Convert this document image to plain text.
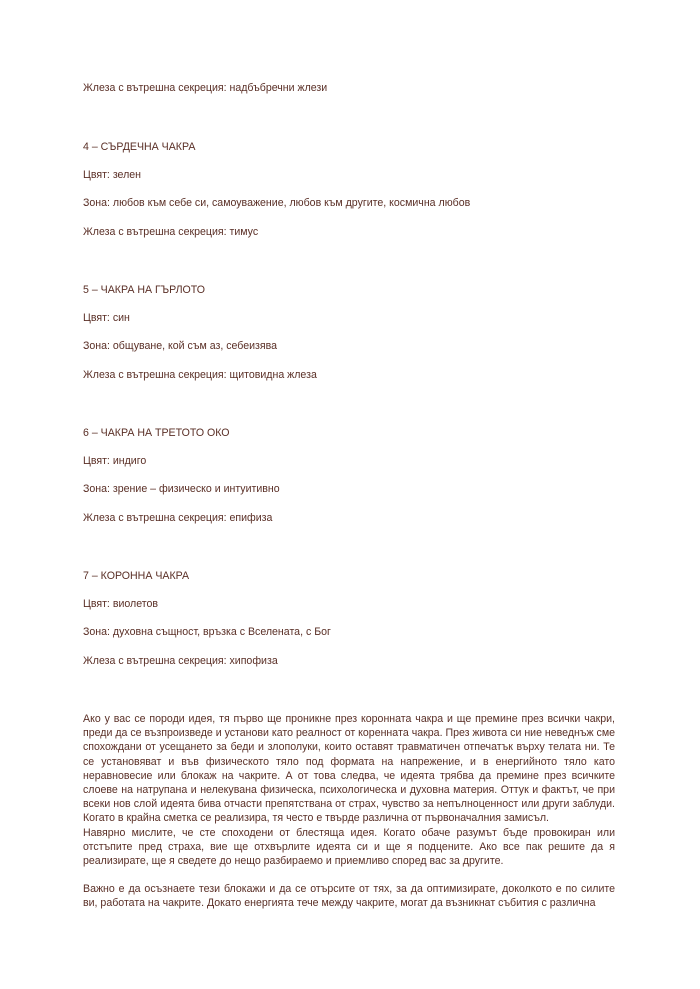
Жлеза с вътрешна секреция: надбъбречни жлези

4 – СЪРДЕЧНА ЧАКРА

Цвят: зелен

Зона: любов към себе си, самоуважение, любов към другите, космична любов

Жлеза с вътрешна секреция: тимус

5 – ЧАКРА НА ГЪРЛОТО

Цвят: син

Зона: общуване, кой съм аз, себеизява

Жлеза с вътрешна секреция: щитовидна жлеза

6 – ЧАКРА НА ТРЕТОТО ОКО

Цвят: индиго

Зона: зрение – физическо и интуитивно

Жлеза с вътрешна секреция: епифиза

7 – КОРОННА ЧАКРА

Цвят: виолетов

Зона: духовна същност, връзка с Вселената, с Бог

Жлеза с вътрешна секреция: хипофиза

Ако у вас се породи идея, тя първо ще проникне през коронната чакра и ще премине през всички чакри, преди да се възпроизведе и установи като реалност от кореннaта чакра. През живота си ние неведнъж сме спохождани от усещането за беди и злополуки, които оставят травматичен отпечатък върху телата ни. Те се установяват и във физическото тяло под формата на напрежение, и в енергийното тяло като неравновесие или блокаж на чакрите. А от това следва, че идеята трябва да премине през всичките слоеве на натрупана и нелекувана физическа, психологическа и духовна материя. Оттук и фактът, че при всеки нов слой идеята бива отчасти препятствана от страх, чувство за непълноценност или други заблуди. Когато в крайна сметка се реализира, тя често е твърде различна от първоначалния замисъл.

Навярно мислите, че сте споходени от блестяща идея. Когато обаче разумът бъде провокиран или отстъпите пред страха, вие ще отхвърлите идеята си и ще я подцените. Ако все пак решите да я реализирате, ще я сведете до нещо разбираемо и приемливо според вас за другите.

Важно е да осъзнаете тези блокажи и да се отърсите от тях, за да оптимизирате, доколкото е по силите ви, работата на чакрите. Докато енергията тече между чакрите, могат да възникнат събития с различна
